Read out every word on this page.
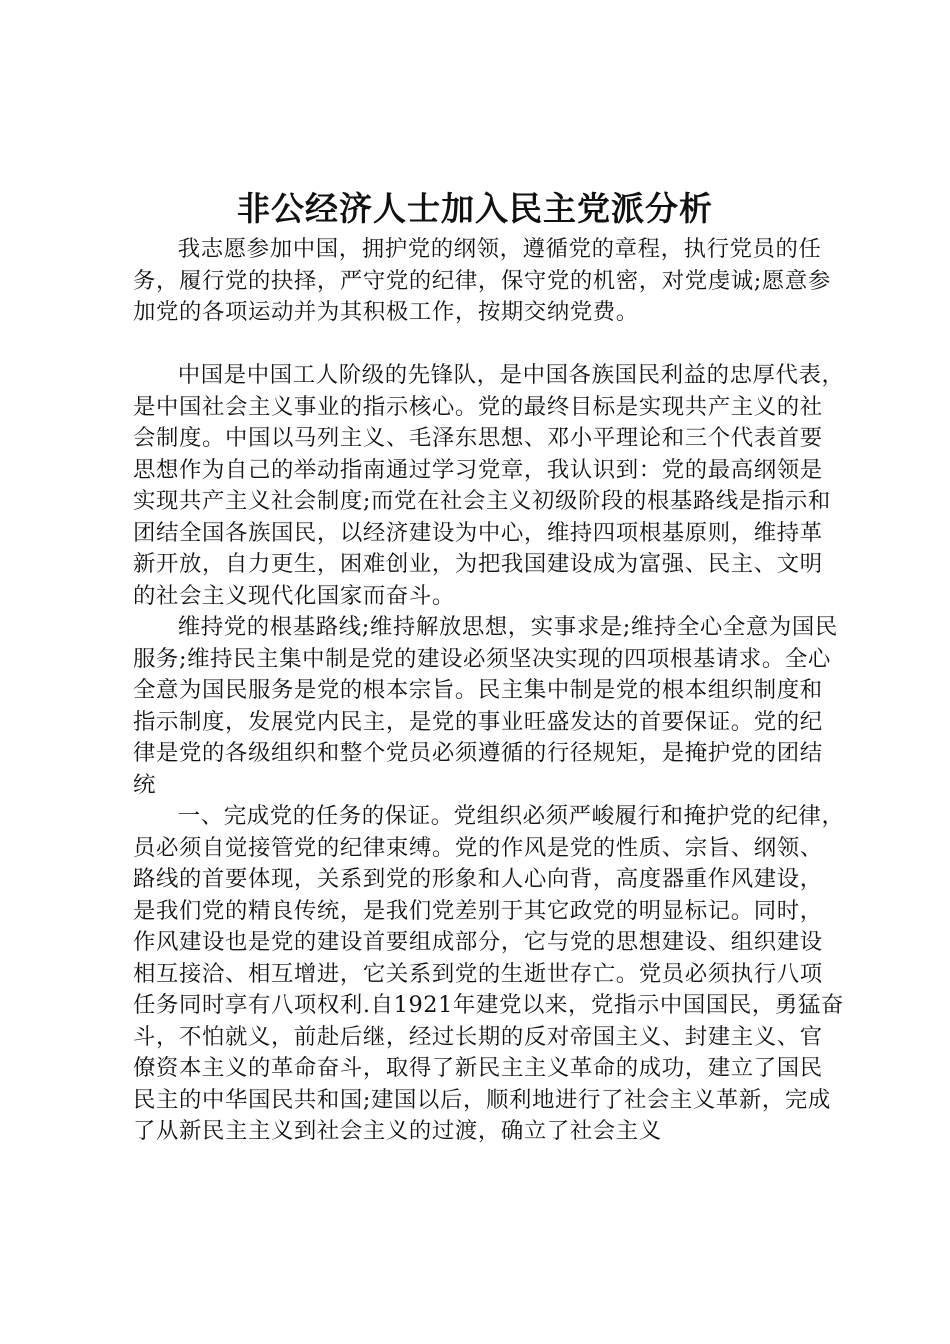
非公经济人士加入民主党派分析

我志愿参加中国，拥护党的纲领，遵循党的章程，执行党员的任务，履行党的抉择，严守党的纪律，保守党的机密，对党虔诚;愿意参加党的各项运动并为其积极工作，按期交纳党费。

中国是中国工人阶级的先锋队，是中国各族国民利益的忠厚代表，是中国社会主义事业的指示核心。党的最终目标是实现共产主义的社会制度。中国以马列主义、毛泽东思想、邓小平理论和三个代表首要思想作为自己的举动指南通过学习党章，我认识到：党的最高纲领是实现共产主义社会制度;而党在社会主义初级阶段的根基路线是指示和团结全国各族国民，以经济建设为中心，维持四项根基原则，维持革新开放，自力更生，困难创业，为把我国建设成为富强、民主、文明的社会主义现代化国家而奋斗。

维持党的根基路线;维持解放思想，实事求是;维持全心全意为国民服务;维持民主集中制是党的建设必须坚决实现的四项根基请求。全心全意为国民服务是党的根本宗旨。民主集中制是党的根本组织制度和指示制度，发展党内民主，是党的事业旺盛发达的首要保证。党的纪律是党的各级组织和整个党员必须遵循的行径规矩，是掩护党的团结统

一、完成党的任务的保证。党组织必须严峻履行和掩护党的纪律，员必须自觉接管党的纪律束缚。党的作风是党的性质、宗旨、纲领、路线的首要体现，关系到党的形象和人心向背，高度器重作风建设，是我们党的精良传统，是我们党差别于其它政党的明显标记。同时，作风建设也是党的建设首要组成部分，它与党的思想建设、组织建设相互接洽、相互增进，它关系到党的生逝世存亡。党员必须执行八项任务同时享有八项权利.自1921年建党以来，党指示中国国民，勇猛奋斗，不怕就义，前赴后继，经过长期的反对帝国主义、封建主义、官僚资本主义的革命奋斗，取得了新民主主义革命的成功，建立了国民民主的中华国民共和国;建国以后，顺利地进行了社会主义革新，完成了从新民主主义到社会主义的过渡，确立了社会主义
